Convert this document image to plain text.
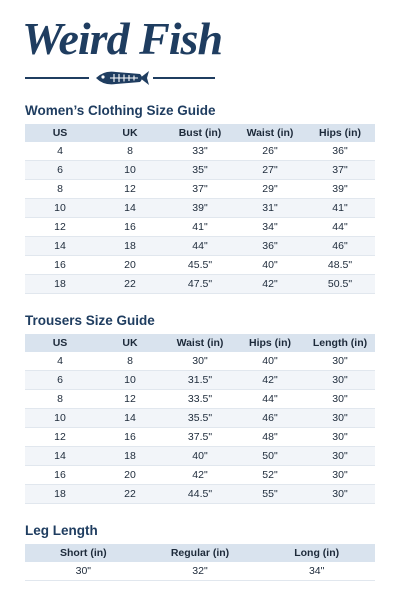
Weird Fish
Women’s Clothing Size Guide
US	UK	Bust (in)	Waist (in)	Hips (in)
4	8	33"	26"	36"
6	10	35"	27"	37"
8	12	37"	29"	39"
10	14	39"	31"	41"
12	16	41"	34"	44"
14	18	44"	36"	46"
16	20	45.5"	40"	48.5"
18	22	47.5"	42"	50.5"
Trousers Size Guide
US	UK	Waist (in)	Hips (in)	Length (in)
4	8	30"	40"	30"
6	10	31.5"	42"	30"
8	12	33.5"	44"	30"
10	14	35.5"	46"	30"
12	16	37.5"	48"	30"
14	18	40"	50"	30"
16	20	42"	52"	30"
18	22	44.5"	55"	30"
Leg Length
Short (in)	Regular (in)	Long (in)
30"	32"	34"
